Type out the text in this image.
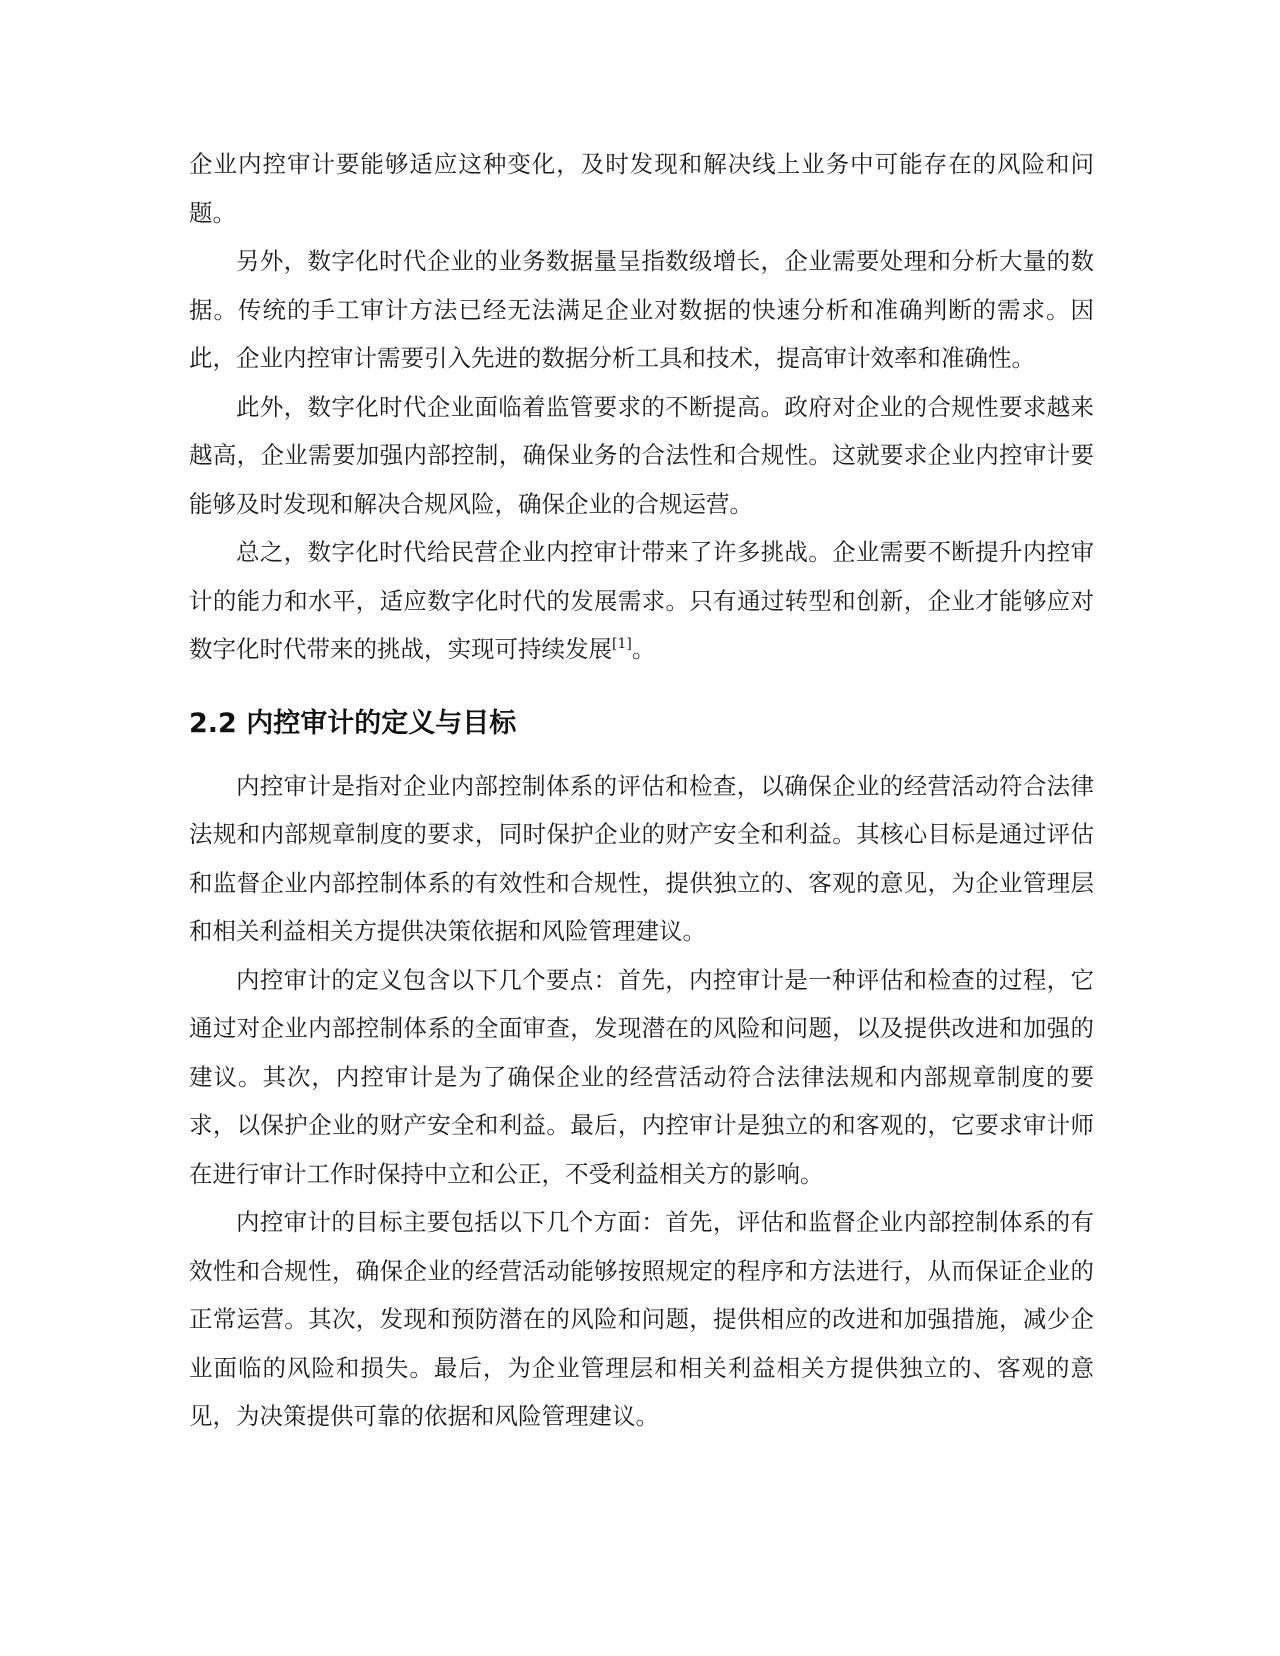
企业内控审计要能够适应这种变化，及时发现和解决线上业务中可能存在的风险和问题。

另外，数字化时代企业的业务数据量呈指数级增长，企业需要处理和分析大量的数据。传统的手工审计方法已经无法满足企业对数据的快速分析和准确判断的需求。因此，企业内控审计需要引入先进的数据分析工具和技术，提高审计效率和准确性。

此外，数字化时代企业面临着监管要求的不断提高。政府对企业的合规性要求越来越高，企业需要加强内部控制，确保业务的合法性和合规性。这就要求企业内控审计要能够及时发现和解决合规风险，确保企业的合规运营。

总之，数字化时代给民营企业内控审计带来了许多挑战。企业需要不断提升内控审计的能力和水平，适应数字化时代的发展需求。只有通过转型和创新，企业才能够应对数字化时代带来的挑战，实现可持续发展[1]。

2.2 内控审计的定义与目标

内控审计是指对企业内部控制体系的评估和检查，以确保企业的经营活动符合法律法规和内部规章制度的要求，同时保护企业的财产安全和利益。其核心目标是通过评估和监督企业内部控制体系的有效性和合规性，提供独立的、客观的意见，为企业管理层和相关利益相关方提供决策依据和风险管理建议。

内控审计的定义包含以下几个要点：首先，内控审计是一种评估和检查的过程，它通过对企业内部控制体系的全面审查，发现潜在的风险和问题，以及提供改进和加强的建议。其次，内控审计是为了确保企业的经营活动符合法律法规和内部规章制度的要求，以保护企业的财产安全和利益。最后，内控审计是独立的和客观的，它要求审计师在进行审计工作时保持中立和公正，不受利益相关方的影响。

内控审计的目标主要包括以下几个方面：首先，评估和监督企业内部控制体系的有效性和合规性，确保企业的经营活动能够按照规定的程序和方法进行，从而保证企业的正常运营。其次，发现和预防潜在的风险和问题，提供相应的改进和加强措施，减少企业面临的风险和损失。最后，为企业管理层和相关利益相关方提供独立的、客观的意见，为决策提供可靠的依据和风险管理建议。
